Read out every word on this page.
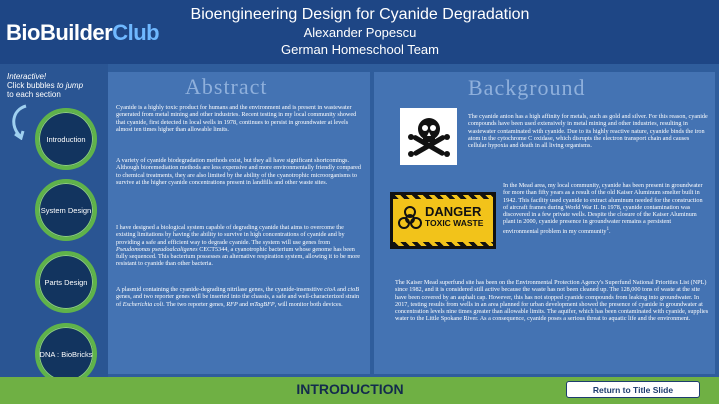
BioBuilderClub
Bioengineering Design for Cyanide Degradation
Alexander Popescu
German Homeschool Team
Interactive!
Click bubbles to jump
to each section
Introduction
System Design
Parts Design
DNA : BioBricks
Abstract
Cyanide is a highly toxic product for humans and the environment and is present in wastewater generated from metal mining and other industries. Recent testing in my local community showed that cyanide, first detected in local wells in 1978, continues to persist in groundwater at levels almost ten times higher than allowable limits.
A variety of cyanide biodegradation methods exist, but they all have significant shortcomings. Although bioremediation methods are less expensive and more environmentally friendly compared to chemical treatments, they are also limited by the ability of the cyanotrophic microorganisms to survive at the higher cyanide concentrations present in landfills and other waste sites.
I have designed a biological system capable of degrading cyanide that aims to overcome the existing limitations by having the ability to survive in high concentrations of cyanide and by providing a safe and efficient way to degrade cyanide. The system will use genes from Pseudomonas pseudoalcaligenes CECT5344, a cyanotrophic bacterium whose genome has been fully sequenced. This bacterium possesses an alternative respiration system, allowing it to be more resistant to cyanide than other bacteria.
A plasmid containing the cyanide-degrading nitrilase genes, the cyanide-insensitive cioA and cioB genes, and two reporter genes will be inserted into the chassis, a safe and well-characterized strain of Escherichia coli. The two reporter genes, RFP and mTagBFP, will monitor both devices.
Background
DANGER
TOXIC WASTE
The cyanide anion has a high affinity for metals, such as gold and silver. For this reason, cyanide compounds have been used extensively in metal mining and other industries, resulting in wastewater contaminated with cyanide. Due to its highly reactive nature, cyanide binds the iron atom in the cytochrome C oxidase, which disrupts the electron transport chain and causes cellular hypoxia and death in all living organisms.
In the Mead area, my local community, cyanide has been present in groundwater for more than fifty years as a result of the old Kaiser Aluminum smelter built in 1942. This facility used cyanide to extract aluminum needed for the construction of aircraft frames during World War II. In 1978, cyanide contamination was discovered in a few private wells. Despite the closure of the Kaiser Aluminum plant in 2000, cyanide presence in groundwater remains a persistent environmental problem in my community$^1$.
The Kaiser Mead superfund site has been on the Environmental Protection Agency's Superfund National Priorities List (NPL) since 1982, and it is considered still active because the waste has not been cleaned up. The 128,000 tons of waste at the site have been covered by an asphalt cap. However, this has not stopped cyanide compounds from leaking into groundwater. In 2017, testing results from wells in an area planned for urban development showed the presence of cyanide in groundwater at concentration levels nine times greater than allowable limits. The aquifer, which has been contaminated with cyanide, supplies water to the Little Spokane River. As a consequence, cyanide poses a serious threat to aquatic life and the environment.
INTRODUCTION	Return to Title Slide
